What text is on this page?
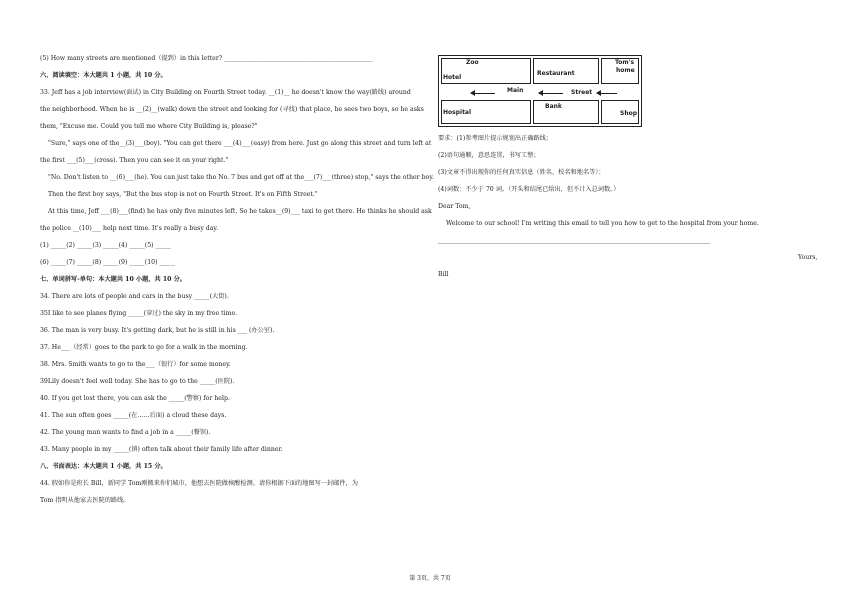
(5) How many streets are mentioned（提到）in this letter? ________________________________________________
六、阅读填空：本大题共 1 小题，共 10 分。
33. Jeff has a job interview(面试) in City Building on Fourth Street today. __(1)__ he doesn't know the way(路线) around
the neighborhood. When he is __(2)__(walk) down the street and looking for (寻找) that place, he sees two boys, so he asks
them, "Excuse me. Could you tell me where City Building is, please?"
"Sure," says one of the__(3)___(boy). "You can get there ___(4)___(easy) from here. Just go along this street and turn left at
the first ___(5)___(cross). Then you can see it on your right."
"No. Don't listen to __(6)___(he). You can just take the No. 7 bus and get off at the___(7)___(three) stop," says the other boy.
Then the first boy says, "But the bus stop is not on Fourth Street. It's on Fifth Street."
At this time, Jeff ___(8)___(find) he has only five minutes left. So he takes__(9)___ taxi to get there. He thinks he should ask
the police __(10)___ help next time. It's really a busy day.
(1) _____(2) _____(3) _____(4) _____(5) _____
(6) _____(7) _____(8) _____(9) _____(10) _____
七、单词拼写-单句：本大题共 10 小题，共 10 分。
34. There are lots of people and cars in the busy _____(大街).
35I like to see planes flying _____(穿过) the sky in my free time.
36. The man is very busy. It's getting dark, but he is still in his ___ (办公室).
37. He___（经常）goes to the park to go for a walk in the morning.
38. Mrs. Smith wants to go to the___（银行）for some money.
39Lily doesn't feel well today. She has to go to the _____(医院).
40. If you get lost there, you can ask the _____(警察) for help.
41. The sun often goes _____(在……后面) a cloud these days.
42. The young man wants to find a job in a _____(餐馆).
43. Many people in my _____(镇) often talk about their family life after dinner.
八、书面表达：本大题共 1 小题，共 15 分。
44. 假如你是班长 Bill，新同学 Tom刚搬来你们城市，他想去医院做核酸检测。请你根据下面的地图写一封邮件，为
Tom 指明从他家去医院的路线。
Zoo
Hotel
Restaurant
Tom's
home
Main	Street
Hospital
Bank
Shop
要求：(1)参考图片提示规划出正确路线；
(2)语句通顺，意思连贯，书写工整；
(3)文章不得出现你的任何真实信息（姓名、校名和地名等）；
(4)词数：不少于 70 词。（开头和结尾已给出，但不计入总词数。）
Dear Tom,
Welcome to our school! I'm writing this email to tell you how to get to the hospital from your home.
Yours,
Bill
第 3页，共 7页
